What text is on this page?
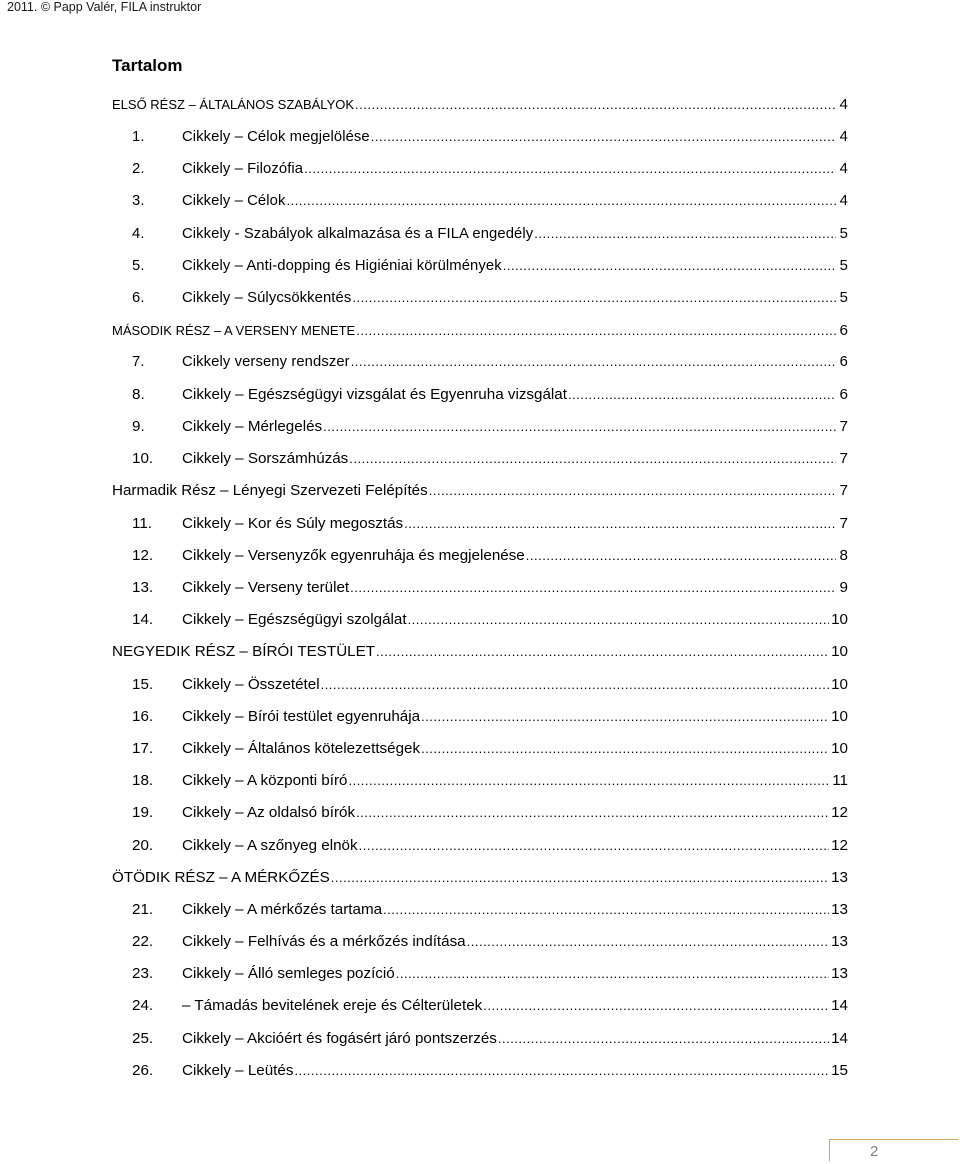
2011. © Papp Valér, FILA instruktor
Tartalom
ELSŐ RÉSZ – ÁLTALÁNOS SZABÁLYOK .....	4
1.	Cikkely – Célok megjelölése .....	4
2.	Cikkely – Filozófia .....	4
3.	Cikkely – Célok .....	4
4.	Cikkely - Szabályok alkalmazása és a FILA engedély .....	5
5.	Cikkely – Anti-dopping és Higiéniai körülmények .....	5
6.	Cikkely – Súlycsökkentés .....	5
MÁSODIK RÉSZ – A VERSENY MENETE .....	6
7.	Cikkely verseny rendszer .....	6
8.	Cikkely – Egészségügyi vizsgálat és Egyenruha vizsgálat .....	6
9.	Cikkely – Mérlegelés .....	7
10.	Cikkely – Sorszámhúzás .....	7
Harmadik Rész – Lényegi Szervezeti Felépítés .....	7
11.	Cikkely – Kor és Súly megosztás .....	7
12.	Cikkely – Versenyzők egyenruhája és megjelenése .....	8
13.	Cikkely – Verseny terület .....	9
14.	Cikkely – Egészségügyi szolgálat .....	10
NEGYEDIK RÉSZ – BÍRÓI TESTÜLET .....	10
15.	Cikkely – Összetétel .....	10
16.	Cikkely – Bírói testület egyenruhája .....	10
17.	Cikkely – Általános kötelezettségek .....	10
18.	Cikkely – A központi bíró .....	11
19.	Cikkely – Az oldalsó bírók .....	12
20.	Cikkely – A szőnyeg elnök .....	12
ÖTÖDIK RÉSZ – A MÉRKŐZÉS .....	13
21.	Cikkely – A mérkőzés tartama .....	13
22.	Cikkely – Felhívás és a mérkőzés indítása .....	13
23.	Cikkely – Álló semleges pozíció .....	13
24.	– Támadás bevitelének ereje és Célterületek .....	14
25.	Cikkely – Akcióért és fogásért járó pontszerzés .....	14
26.	Cikkely – Leütés .....	15
2
